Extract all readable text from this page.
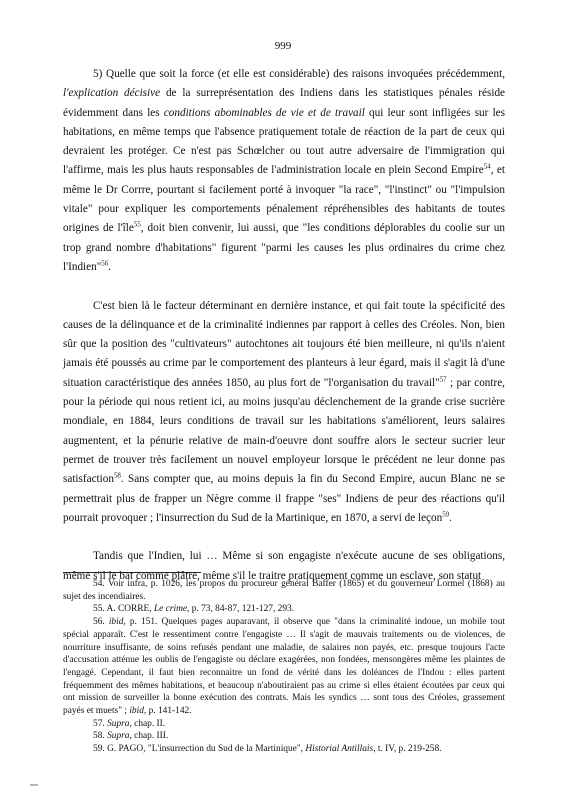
999

5) Quelle que soit la force (et elle est considérable) des raisons invoquées précédemment, l'explication décisive de la surreprésentation des Indiens dans les statistiques pénales réside évidemment dans les conditions abominables de vie et de travail qui leur sont infligées sur les habitations, en même temps que l'absence pratiquement totale de réaction de la part de ceux qui devraient les protéger. Ce n'est pas Schœlcher ou tout autre adversaire de l'immigration qui l'affirme, mais les plus hauts responsables de l'administration locale en plein Second Empire$^{54}$, et même le Dr Corrre, pourtant si facilement porté à invoquer "la race", "l'instinct" ou "l'impulsion vitale" pour expliquer les comportements pénalement répréhensibles des habitants de toutes origines de l'île$^{55}$, doit bien convenir, lui aussi, que "les conditions déplorables du coolie sur un trop grand nombre d'habitations" figurent "parmi les causes les plus ordinaires du crime chez l'Indien"$^{56}$.

C'est bien là le facteur déterminant en dernière instance, et qui fait toute la spécificité des causes de la délinquance et de la criminalité indiennes par rapport à celles des Créoles. Non, bien sûr que la position des "cultivateurs" autochtones ait toujours été bien meilleure, ni qu'ils n'aient jamais été poussés au crime par le comportement des planteurs à leur égard, mais il s'agit là d'une situation caractéristique des années 1850, au plus fort de "l'organisation du travail"$^{57}$ ; par contre, pour la période qui nous retient ici, au moins jusqu'au déclenchement de la grande crise sucrière mondiale, en 1884, leurs conditions de travail sur les habitations s'améliorent, leurs salaires augmentent, et la pénurie relative de main-d'oeuvre dont souffre alors le secteur sucrier leur permet de trouver très facilement un nouvel employeur lorsque le précédent ne leur donne pas satisfaction$^{58}$. Sans compter que, au moins depuis la fin du Second Empire, aucun Blanc ne se permettrait plus de frapper un Nègre comme il frappe "ses" Indiens de peur des réactions qu'il pourrait provoquer ; l'insurrection du Sud de la Martinique, en 1870, a servi de leçon$^{59}$.

Tandis que l'Indien, lui … Même si son engagiste n'exécute aucune de ses obligations, même s'il le bat comme plâtre, même s'il le traitre pratiquement comme un esclave, son statut

54. Voir infra, p. 1026, les propos du procureur général Baffer (1865) et du gouverneur Lormel (1868) au sujet des incendiaires.

55. A. CORRE, Le crime, p. 73, 84-87, 121-127, 293.

56. ibid, p. 151. Quelques pages auparavant, il observe que "dans la criminalité indoue, un mobile tout spécial apparaît. C'est le ressentiment contre l'engagiste … Il s'agit de mauvais traitements ou de violences, de nourriture insuffisante, de soins refusés pendant une maladie, de salaires non payés, etc. presque toujours l'acte d'accusation atténue les oublis de l'engagiste ou déclare exagérées, non fondées, mensongères même les plaintes de l'engagé. Cependant, il faut bien reconnaitre un fond de vérité dans les doléances de l'Indou : elles partent fréquemment des mêmes habitations, et beaucoup n'aboutiraient pas au crime si elles étaient écoutées par ceux qui ont mission de surveiller la bonne exécution des contrats. Mais les syndics … sont tous des Créoles, grassement payés et muets" ; ibid, p. 141-142.

57. Supra, chap. II.

58. Supra, chap. III.

59. G. PAGO, "L'insurrection du Sud de la Martinique", Historial Antillais, t. IV, p. 219-258.
